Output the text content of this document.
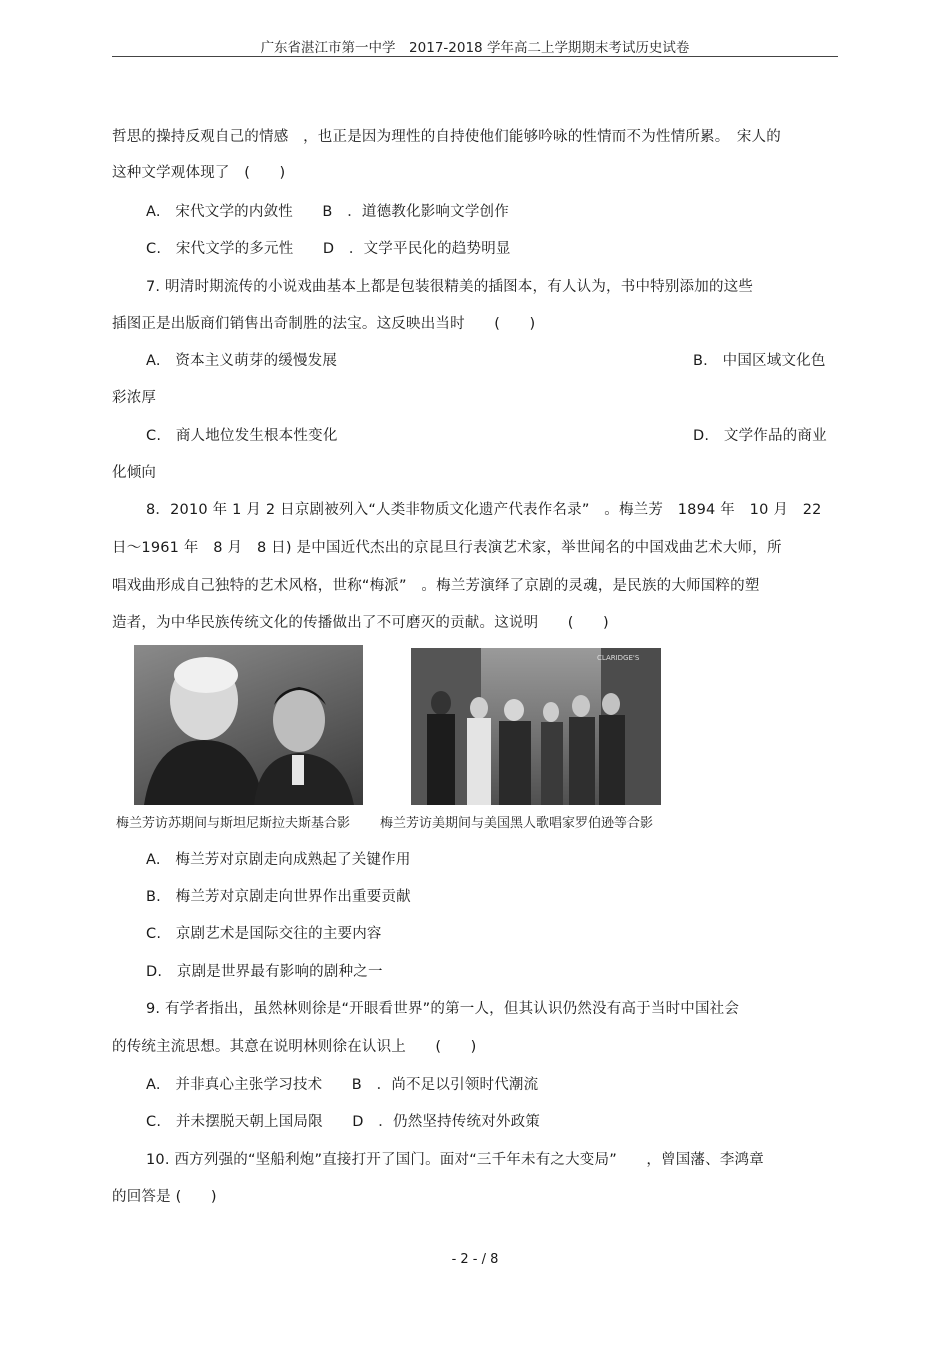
广东省湛江市第一中学　2017-2018 学年高二上学期期末考试历史试卷
哲思的操持反观自己的情感　，也正是因为理性的自持使他们能够吟咏的性情而不为性情所累。　宋人的
这种文学观体现了　(　　)
A.　宋代文学的内敛性　　B　．道德教化影响文学创作
C.　宋代文学的多元性　　D　．文学平民化的趋势明显
7. 明清时期流传的小说戏曲基本上都是包装很精美的插图本，有人认为，书中特别添加的这些
插图正是出版商们销售出奇制胜的法宝。这反映出当时　　(　　)
A.　资本主义萌芽的缓慢发展	B.　中国区域文化色
彩浓厚
C.　商人地位发生根本性变化	D.　文学作品的商业
化倾向
8．2010 年 1 月 2 日京剧被列入“人类非物质文化遗产代表作名录”　。梅兰芳　1894 年　10 月　22
日～1961 年　8 月　8 日) 是中国近代杰出的京昆旦行表演艺术家，举世闻名的中国戏曲艺术大师，所
唱戏曲形成自己独特的艺术风格，世称“梅派”　。梅兰芳演绎了京剧的灵魂，是民族的大师国粹的塑
造者，为中华民族传统文化的传播做出了不可磨灭的贡献。这说明　　(　　)
梅兰芳访苏期间与斯坦尼斯拉夫斯基合影
CLARIDGE'S
梅兰芳访美期间与美国黑人歌唱家罗伯逊等合影
A.　梅兰芳对京剧走向成熟起了关键作用
B.　梅兰芳对京剧走向世界作出重要贡献
C.　京剧艺术是国际交往的主要内容
D.　京剧是世界最有影响的剧种之一
9. 有学者指出，虽然林则徐是“开眼看世界”的第一人，但其认识仍然没有高于当时中国社会
的传统主流思想。其意在说明林则徐在认识上　　(　　)
A.　并非真心主张学习技术　　B　．尚不足以引领时代潮流
C.　并未摆脱天朝上国局限　　D　．仍然坚持传统对外政策
10. 西方列强的“坚船利炮”直接打开了国门。面对“三千年未有之大变局”　　，曾国藩、李鸿章
的回答是 (　　)
- 2 - / 8
